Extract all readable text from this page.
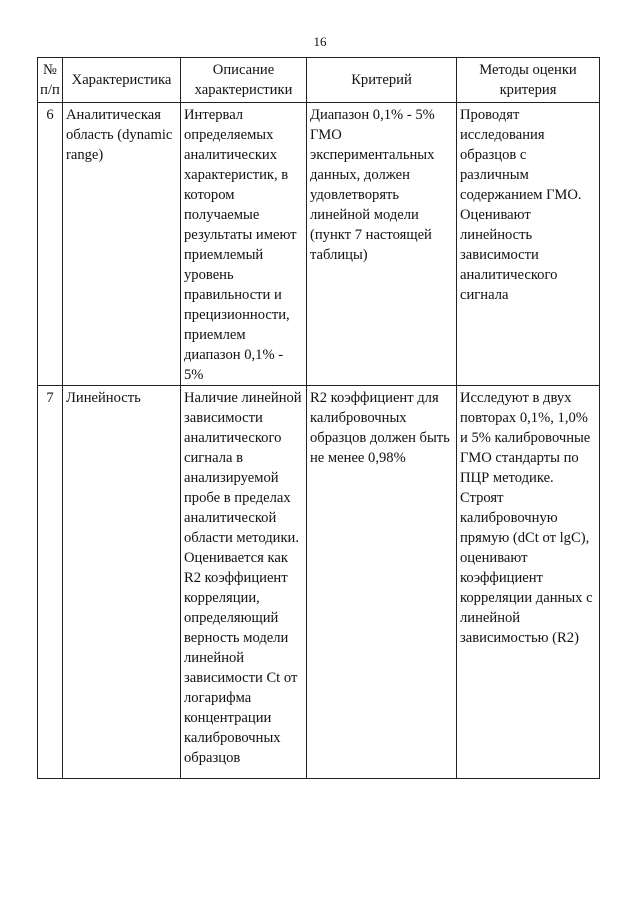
16
№ п/п	Характеристика	Описание характеристики	Критерий	Методы оценки критерия
6	Аналитическая область (dynamic range)	Интервал определяемых аналитических характеристик, в котором получаемые результаты имеют приемлемый уровень правильности и прецизионности, приемлем диапазон 0,1% - 5%	Диапазон 0,1% - 5% ГМО экспериментальных данных, должен удовлетворять линейной модели (пункт 7 настоящей таблицы)	Проводят исследования образцов с различным содержанием ГМО. Оценивают линейность зависимости аналитического сигнала
7	Линейность	Наличие линейной зависимости аналитического сигнала в анализируемой пробе в пределах аналитической области методики. Оценивается как R2 коэффициент корреляции, определяющий верность модели линейной зависимости Ct от логарифма концентрации калибровочных образцов	R2 коэффициент для калибровочных образцов должен быть не менее 0,98%	Исследуют в двух повторах 0,1%, 1,0% и 5% калибровочные ГМО стандарты по ПЦР методике. Строят калибровочную прямую (dCt от lgC), оценивают коэффициент корреляции данных с линейной зависимостью (R2)
